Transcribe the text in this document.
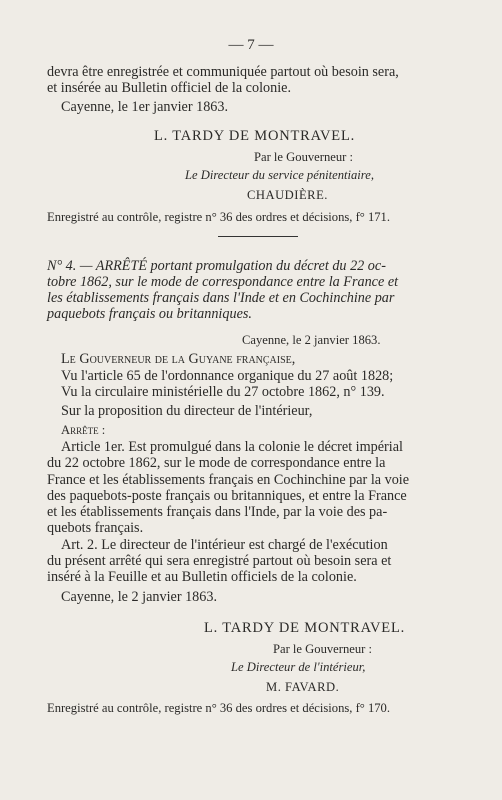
— 7 —
devra être enregistrée et communiquée partout où besoin sera,
et insérée au Bulletin officiel de la colonie.
Cayenne, le 1er janvier 1863.
L. TARDY DE MONTRAVEL.
Par le Gouverneur :
Le Directeur du service pénitentiaire,
CHAUDIÈRE.
Enregistré au contrôle, registre n° 36 des ordres et décisions, f° 171.
N° 4. — ARRÊTÉ portant promulgation du décret du 22 oc-
tobre 1862, sur le mode de correspondance entre la France et
les établissements français dans l'Inde et en Cochinchine par
paquebots français ou britanniques.
Cayenne, le 2 janvier 1863.
Le Gouverneur de la Guyane française,
Vu l'article 65 de l'ordonnance organique du 27 août 1828;
Vu la circulaire ministérielle du 27 octobre 1862, n° 139.
Sur la proposition du directeur de l'intérieur,
Arrête :
Article 1er. Est promulgué dans la colonie le décret impérial
du 22 octobre 1862, sur le mode de correspondance entre la
France et les établissements français en Cochinchine par la voie
des paquebots-poste français ou britanniques, et entre la France
et les établissements français dans l'Inde, par la voie des pa-
quebots français.
Art. 2. Le directeur de l'intérieur est chargé de l'exécution
du présent arrêté qui sera enregistré partout où besoin sera et
inséré à la Feuille et au Bulletin officiels de la colonie.
Cayenne, le 2 janvier 1863.
L. TARDY DE MONTRAVEL.
Par le Gouverneur :
Le Directeur de l'intérieur,
M. FAVARD.
Enregistré au contrôle, registre n° 36 des ordres et décisions, f° 170.
